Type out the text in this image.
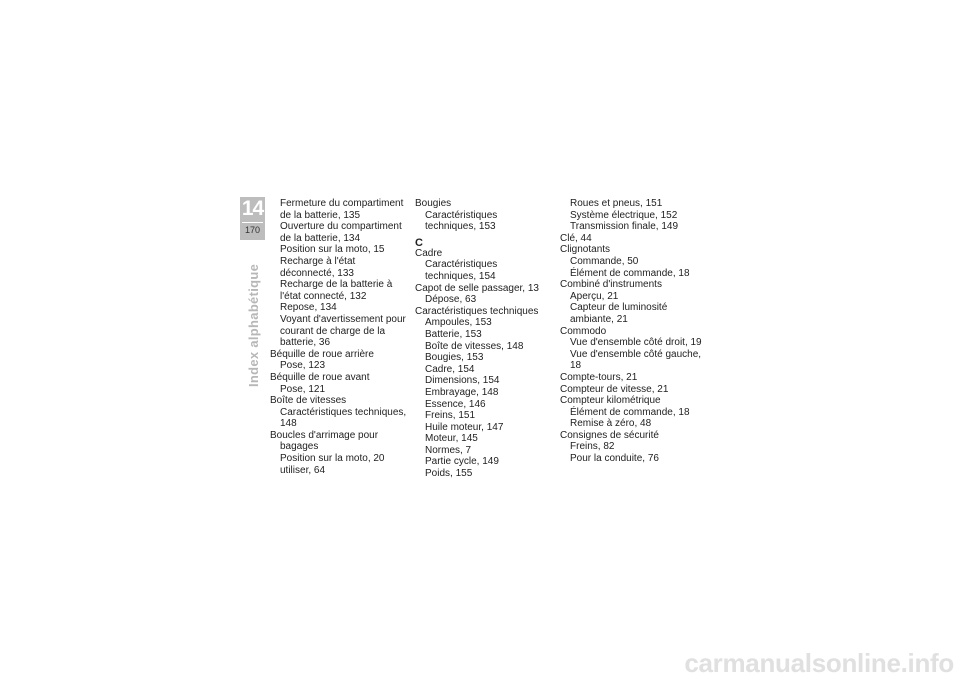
14
170
Index alphabétique

Fermeture du compartiment de la batterie, 135

Ouverture du compartiment de la batterie, 134

Position sur la moto, 15

Recharge à l'état déconnecté, 133

Recharge de la batterie à l'état connecté, 132

Repose, 134

Voyant d'avertissement pour courant de charge de la batterie, 36

Béquille de roue arrière

Pose, 123

Béquille de roue avant

Pose, 121

Boîte de vitesses

Caractéristiques techniques, 148

Boucles d'arrimage pour bagages

Position sur la moto, 20

utiliser, 64

Bougies

Caractéristiques techniques, 153

C

Cadre

Caractéristiques techniques, 154

Capot de selle passager, 13

Dépose, 63

Caractéristiques techniques

Ampoules, 153

Batterie, 153

Boîte de vitesses, 148

Bougies, 153

Cadre, 154

Dimensions, 154

Embrayage, 148

Essence, 146

Freins, 151

Huile moteur, 147

Moteur, 145

Normes, 7

Partie cycle, 149

Poids, 155

Roues et pneus, 151

Système électrique, 152

Transmission finale, 149

Clé, 44

Clignotants

Commande, 50

Élément de commande, 18

Combiné d'instruments

Aperçu, 21

Capteur de luminosité ambiante, 21

Commodo

Vue d'ensemble côté droit, 19

Vue d'ensemble côté gauche, 18

Compte-tours, 21

Compteur de vitesse, 21

Compteur kilométrique

Élément de commande, 18

Remise à zéro, 48

Consignes de sécurité

Freins, 82

Pour la conduite, 76

carmanualsonline.info
